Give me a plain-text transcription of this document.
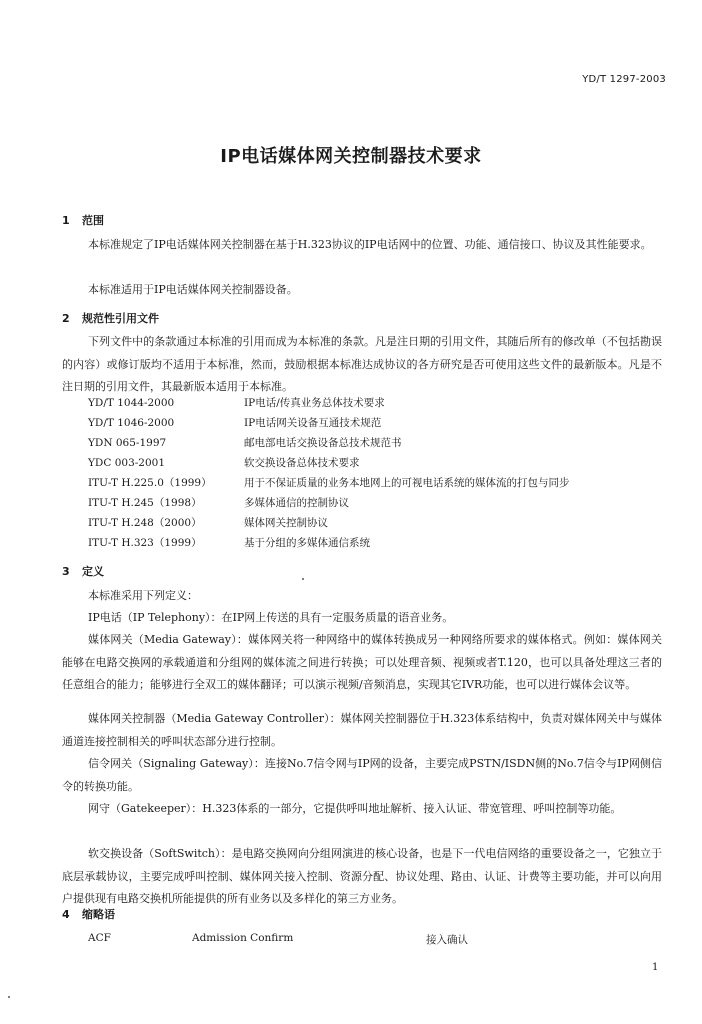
YD/T 1297-2003
IP电话媒体网关控制器技术要求
1 范围
本标准规定了IP电话媒体网关控制器在基于H.323协议的IP电话网中的位置、功能、通信接口、协议及其性能要求。
本标准适用于IP电话媒体网关控制器设备。
2 规范性引用文件
下列文件中的条款通过本标准的引用而成为本标准的条款。凡是注日期的引用文件，其随后所有的修改单（不包括勘误的内容）或修订版均不适用于本标准，然而，鼓励根据本标准达成协议的各方研究是否可使用这些文件的最新版本。凡是不注日期的引用文件，其最新版本适用于本标准。
YD/T 1044-2000	IP电话/传真业务总体技术要求
YD/T 1046-2000	IP电话网关设备互通技术规范
YDN 065-1997	邮电部电话交换设备总技术规范书
YDC 003-2001	软交换设备总体技术要求
ITU-T H.225.0（1999）	用于不保证质量的业务本地网上的可视电话系统的媒体流的打包与同步
ITU-T H.245（1998）	多媒体通信的控制协议
ITU-T H.248（2000）	媒体网关控制协议
ITU-T H.323（1999）	基于分组的多媒体通信系统
3 定义
本标准采用下列定义：
IP电话（IP Telephony）：在IP网上传送的具有一定服务质量的语音业务。
媒体网关（Media Gateway）：媒体网关将一种网络中的媒体转换成另一种网络所要求的媒体格式。例如：媒体网关能够在电路交换网的承载通道和分组网的媒体流之间进行转换；可以处理音频、视频或者T.120，也可以具备处理这三者的任意组合的能力；能够进行全双工的媒体翻译；可以演示视频/音频消息，实现其它IVR功能，也可以进行媒体会议等。
媒体网关控制器（Media Gateway Controller）：媒体网关控制器位于H.323体系结构中，负责对媒体网关中与媒体通道连接控制相关的呼叫状态部分进行控制。
信令网关（Signaling Gateway）：连接No.7信令网与IP网的设备，主要完成PSTN/ISDN侧的No.7信令与IP网侧信令的转换功能。
网守（Gatekeeper）：H.323体系的一部分，它提供呼叫地址解析、接入认证、带宽管理、呼叫控制等功能。
软交换设备（SoftSwitch）：是电路交换网向分组网演进的核心设备，也是下一代电信网络的重要设备之一，它独立于底层承载协议，主要完成呼叫控制、媒体网关接入控制、资源分配、协议处理、路由、认证、计费等主要功能，并可以向用户提供现有电路交换机所能提供的所有业务以及多样化的第三方业务。
4 缩略语
ACF	Admission Confirm	接入确认
1
